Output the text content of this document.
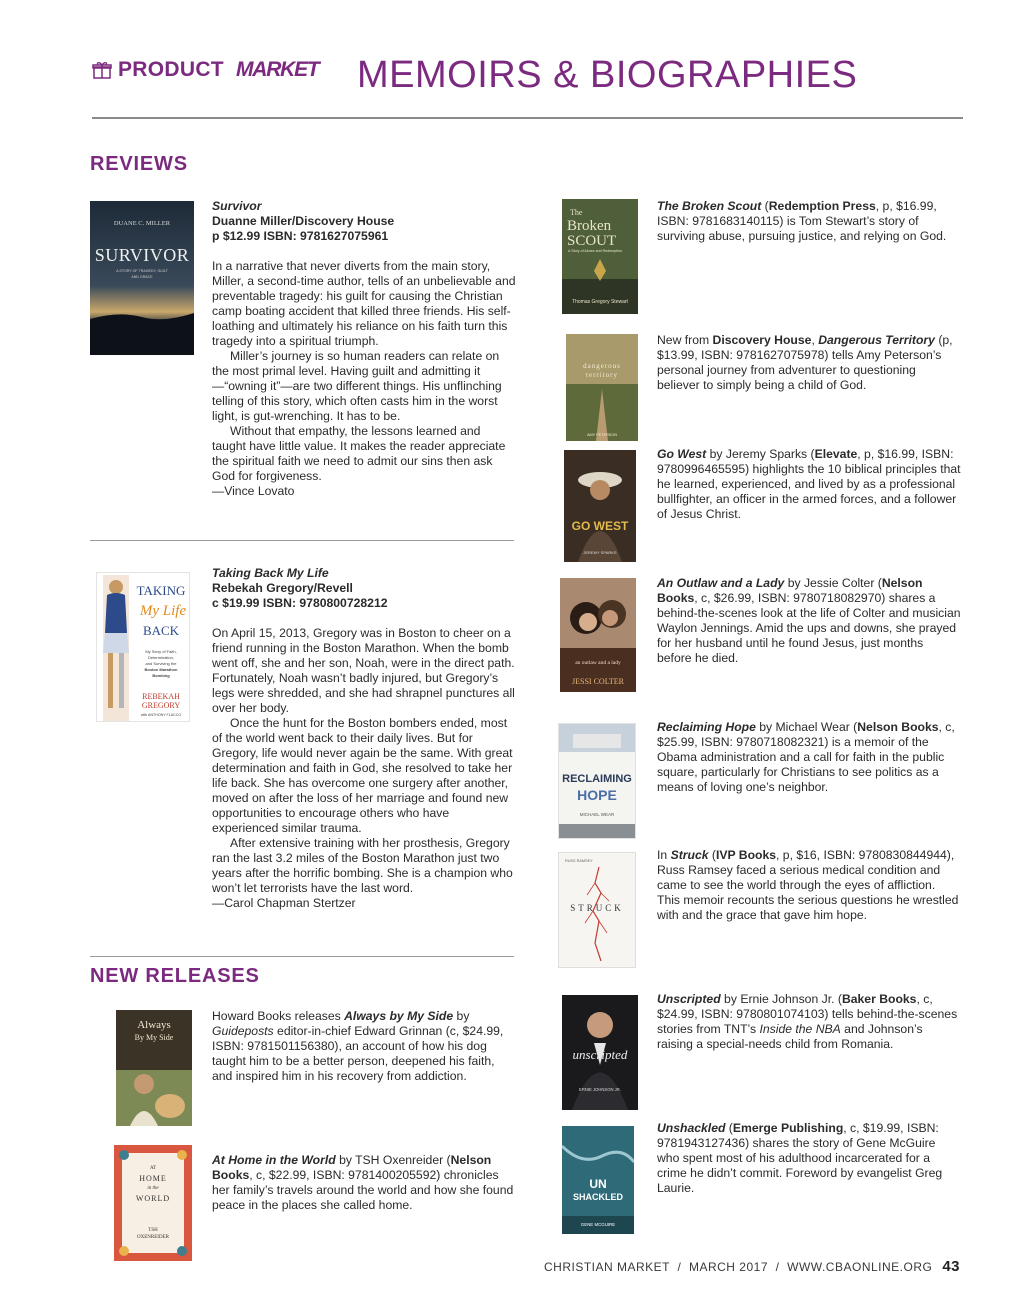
PRODUCT MARKET MEMOIRS & BIOGRAPHIES
REVIEWS
DUANE C. MILLER
SURVIVOR
A STORY OF TRAGEDY, GUILT
AND GRACE

Survivor

Duanne Miller/Discovery House

p $12.99 ISBN: 9781627075961

In a narrative that never diverts from the main story, Miller, a second-time author, tells of an unbelievable and preventable tragedy: his guilt for causing the Christian camp boating accident that killed three friends. His self-loathing and ultimately his reliance on his faith turn this tragedy into a spiritual triumph.

Miller’s journey is so human readers can relate on the most primal level. Having guilt and admitting it—“owning it”—are two different things. His unflinching telling of this story, which often casts him in the worst light, is gut-wrenching. It has to be.

Without that empathy, the lessons learned and taught have little value. It makes the reader appreciate the spiritual faith we need to admit our sins then ask God for forgiveness.

—Vince Lovato

TAKING
My Life
BACK
My Story of Faith,
Determination,
and Surviving the
Boston Marathon
Bombing
REBEKAH
GREGORY
with ANTHONY FLACCO

Taking Back My Life

Rebekah Gregory/Revell

c $19.99 ISBN: 9780800728212

On April 15, 2013, Gregory was in Boston to cheer on a friend running in the Boston Marathon. When the bomb went off, she and her son, Noah, were in the direct path. Fortunately, Noah wasn’t badly injured, but Gregory’s legs were shredded, and she had shrapnel punctures all over her body.

Once the hunt for the Boston bombers ended, most of the world went back to their daily lives. But for Gregory, life would never again be the same. With great determination and faith in God, she resolved to take her life back. She has overcome one surgery after another, moved on after the loss of her marriage and found new opportunities to encourage others who have experienced similar trauma.

After extensive training with her prosthesis, Gregory ran the last 3.2 miles of the Boston Marathon just two years after the horrific bombing. She is a champion who won’t let terrorists have the last word.

—Carol Chapman Stertzer

NEW RELEASES
Always
By My Side

Howard Books releases Always by My Side by Guideposts editor-in-chief Edward Grinnan (c, $24.99, ISBN: 9781501156380), an account of how his dog taught him to be a better person, deepened his faith, and inspired him in his recovery from addiction.

AT
HOME
in the
WORLD
TSH
OXENREIDER

At Home in the World by TSH Oxenreider (Nelson Books, c, $22.99, ISBN: 9781400205592) chronicles her family’s travels around the world and how she found peace in the places she called home.

The
Broken
SCOUT
A Story of Abuse and Redemption
Thomas Gregory Stewart

The Broken Scout (Redemption Press, p, $16.99, ISBN: 9781683140115) is Tom Stewart’s story of surviving abuse, pursuing justice, and relying on God.

dangerous
territory
AMY PETERSON

New from Discovery House, Dangerous Territory (p, $13.99, ISBN: 9781627075978) tells Amy Peterson’s personal journey from adventurer to questioning believer to simply being a child of God.

GO WEST
JEREMY SPARKS

Go West by Jeremy Sparks (Elevate, p, $16.99, ISBN: 9780996465595) highlights the 10 biblical principles that he learned, experienced, and lived by as a professional bullfighter, an officer in the armed forces, and a follower of Jesus Christ.

an outlaw and a lady
JESSI COLTER

An Outlaw and a Lady by Jessie Colter (Nelson Books, c, $26.99, ISBN: 9780718082970) shares a behind-the-scenes look at the life of Colter and musician Waylon Jennings. Amid the ups and downs, she prayed for her husband until he found Jesus, just months before he died.

RECLAIMING
HOPE
MICHAEL WEAR

Reclaiming Hope by Michael Wear (Nelson Books, c, $25.99, ISBN: 9780718082321) is a memoir of the Obama administration and a call for faith in the public square, particularly for Christians to see politics as a means of loving one’s neighbor.

RUSS RAMSEY
STRUCK

In Struck (IVP Books, p, $16, ISBN: 9780830844944), Russ Ramsey faced a serious medical condition and came to see the world through the eyes of affliction. This memoir recounts the serious questions he wrestled with and the grace that gave him hope.

unscripted
ERNIE JOHNSON JR.

Unscripted by Ernie Johnson Jr. (Baker Books, c, $24.99, ISBN: 9780801074103) tells behind-the-scenes stories from TNT’s Inside the NBA and Johnson’s raising a special-needs child from Romania.

UN
SHACKLED
GENE MCGUIRE

Unshackled (Emerge Publishing, c, $19.99, ISBN: 9781943127436) shares the story of Gene McGuire who spent most of his adulthood incarcerated for a crime he didn’t commit. Foreword by evangelist Greg Laurie.

CHRISTIAN MARKET  /  MARCH 2017  /  WWW.CBAONLINE.ORG 43
